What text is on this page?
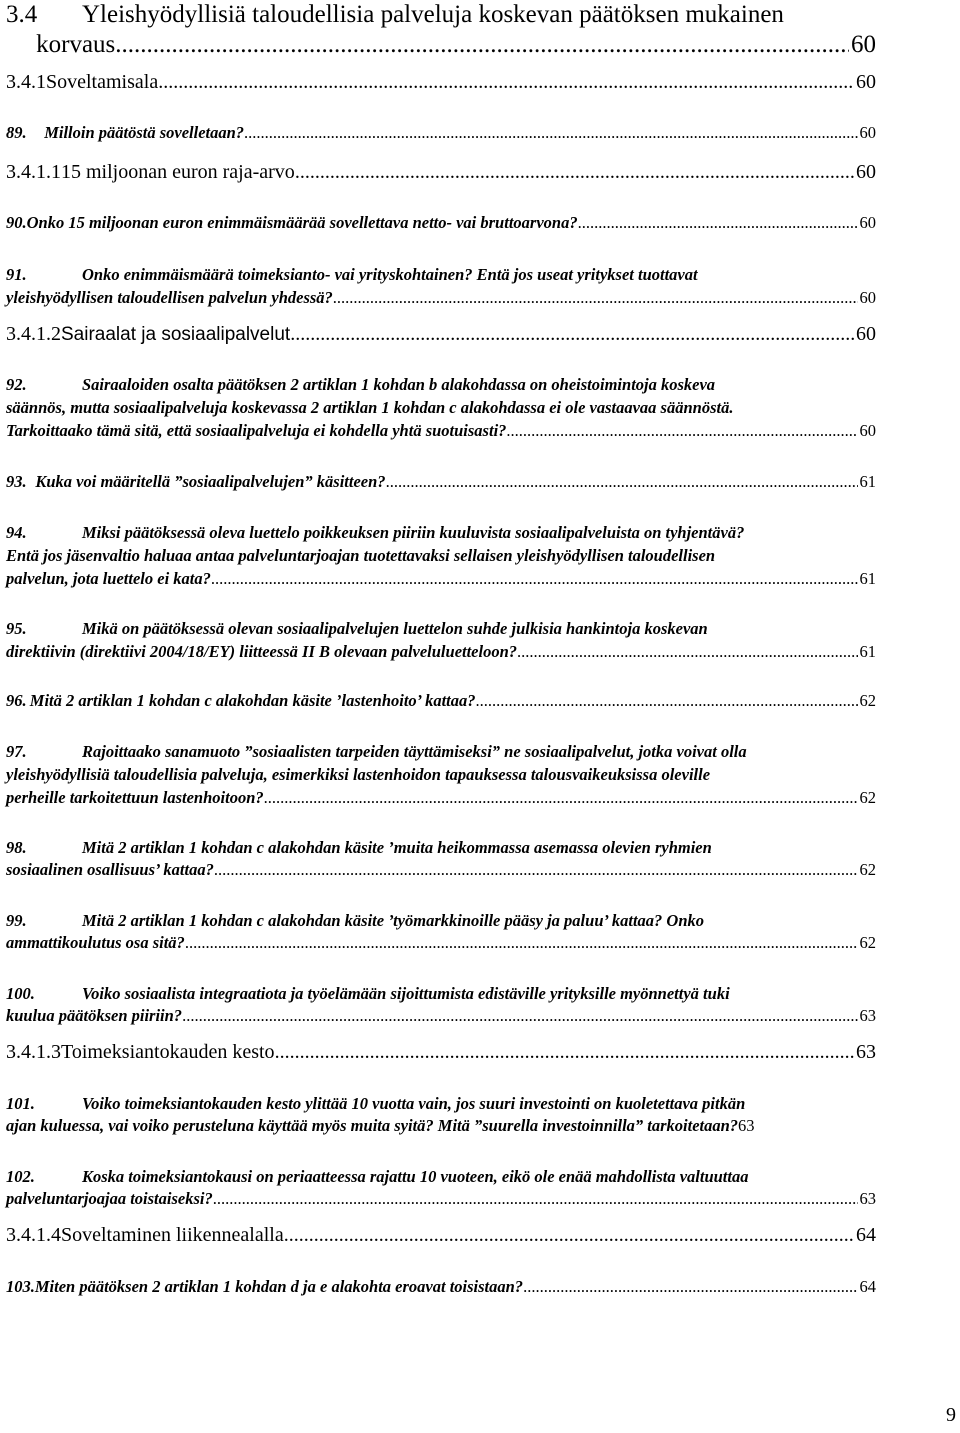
3.4 Yleishyödyllisiä taloudellisia palveluja koskevan päätöksen mukainen
korvaus .....	60
3.4.1 Soveltamisala .....	60
89.	Milloin päätöstä sovelletaan? .....	60
3.4.1.1 15 miljoonan euron raja-arvo .....	60
90. Onko 15 miljoonan euron enimmäismäärää sovellettava netto- vai bruttoarvona? .....	60
91.	Onko enimmäismäärä toimeksianto- vai yrityskohtainen? Entä jos useat yritykset tuottavat
yleishyödyllisen taloudellisen palvelun yhdessä? .....	60
3.4.1.2 Sairaalat ja sosiaalipalvelut .....	60
92.	Sairaaloiden osalta päätöksen 2 artiklan 1 kohdan b alakohdassa on oheistoimintoja koskeva
säännös, mutta sosiaalipalveluja koskevassa 2 artiklan 1 kohdan c alakohdassa ei ole vastaavaa säännöstä.
Tarkoittaako tämä sitä, että sosiaalipalveluja ei kohdella yhtä suotuisasti? .....	60
93. Kuka voi määritellä ”sosiaalipalvelujen” käsitteen? .....	61
94.	Miksi päätöksessä oleva luettelo poikkeuksen piiriin kuuluvista sosiaalipalveluista on tyhjentävä?
Entä jos jäsenvaltio haluaa antaa palveluntarjoajan tuotettavaksi sellaisen yleishyödyllisen taloudellisen
palvelun, jota luettelo ei kata? .....	61
95.	Mikä on päätöksessä olevan sosiaalipalvelujen luettelon suhde julkisia hankintoja koskevan
direktiivin (direktiivi 2004/18/EY) liitteessä II B olevaan palveluluetteloon? .....	61
96. Mitä 2 artiklan 1 kohdan c alakohdan käsite ’lastenhoito’ kattaa? .....	62
97.	Rajoittaako sanamuoto ”sosiaalisten tarpeiden täyttämiseksi” ne sosiaalipalvelut, jotka voivat olla
yleishyödyllisiä taloudellisia palveluja, esimerkiksi lastenhoidon tapauksessa talousvaikeuksissa oleville
perheille tarkoitettuun lastenhoitoon? .....	62
98.	Mitä 2 artiklan 1 kohdan c alakohdan käsite ’muita heikommassa asemassa olevien ryhmien
sosiaalinen osallisuus’ kattaa? .....	62
99.	Mitä 2 artiklan 1 kohdan c alakohdan käsite ’työmarkkinoille pääsy ja paluu’ kattaa? Onko
ammattikoulutus osa sitä? .....	62
100.	Voiko sosiaalista integraatiota ja työelämään sijoittumista edistäville yrityksille myönnettyä tuki
kuulua päätöksen piiriin? .....	63
3.4.1.3 Toimeksiantokauden kesto .....	63
101.	Voiko toimeksiantokauden kesto ylittää 10 vuotta vain, jos suuri investointi on kuoletettava pitkän
ajan kuluessa, vai voiko perusteluna käyttää myös muita syitä? Mitä ”suurella investoinnilla” tarkoitetaan? 63
102.	Koska toimeksiantokausi on periaatteessa rajattu 10 vuoteen, eikö ole enää mahdollista valtuuttaa
palveluntarjoajaa toistaiseksi? .....	63
3.4.1.4 Soveltaminen liikennealalla .....	64
103. Miten päätöksen 2 artiklan 1 kohdan d ja e alakohta eroavat toisistaan? .....	64
9
